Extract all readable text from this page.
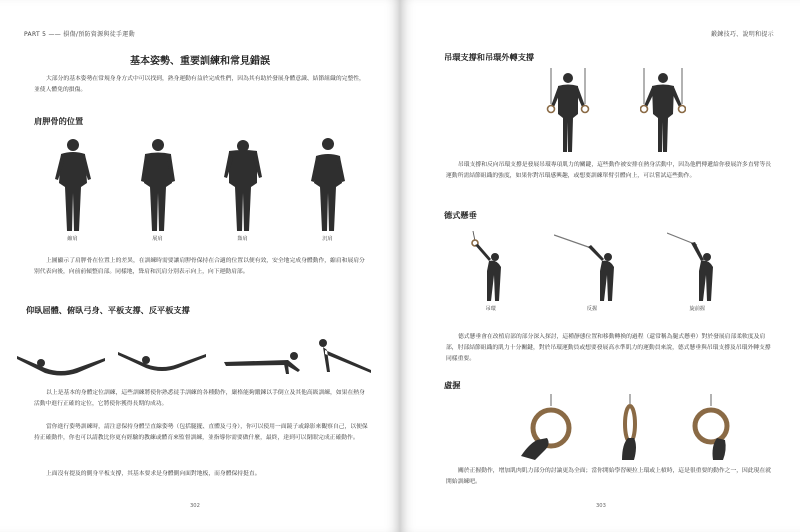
PART 5 —— 損傷/預防資源與徒手運動
基本姿勢、重要訓練和常見錯誤
大部分的基本姿勢在常規身身方式中可以找到，熟身運動有益於完成性們，因為其有助於發展身體意識、結節組織的完整性，並使人體免的損傷。
肩胛骨的位置
縮肩	展肩	聳肩	沉肩
上圖顯示了肩胛骨在位置上的差異，在訓練時需要讓肩胛骨保持在合適的位置以便有效，安全地完成身體動作，縮肩和展肩分別代表向後，向前前傾整肩部。同樣地，聳肩和沉肩分別表示向上，向下運動肩部。
仰臥屈體、俯臥弓身、平板支撐、反平板支撐
以上是基本的身體定位訓練，這些訓練將使你熟悉徒手訓練的各種動作，嚴格能夠鍛鍊以手倒立及其他高級訓練，如果在熱身活動中進行正確的定位，它將使你獲得長期的成功。
當你進行姿勢訓練時，請注意保持身體呈直線姿勢（包括腿擺、直體及弓身），你可以使用一面鏡子或錄影來觀察自己，以便保持正確動作，你也可以請教比你更有經驗的教練或體育來監督訓練，並指導你需要做什麼，最終，達到可以閉眼完成正確動作。
上面沒有提及的側身平板支撐，其基本要求是身體側向面對地板，而身體保持挺直。
302
鍛鍊技巧、說明和提示
吊環支撐和吊環外轉支撐
吊環支撐和反向吊環支撐是發展吊環專項肌力的關鍵，這些動作被安排在熱身活動中，因為他們傳遞給你發展許多直臂等長運動所需結節組織的強度，如果你對吊環感興趣，或想要訓練單臂引體向上，可以嘗試這些動作。
德式懸垂
吊環	反握	旋前握
德式懸垂會在改植肩部的部分深入探討，這種靜態位置和移動轉換的過程（還常稱為腿式懸垂）對於發展肩部柔軟度及肩部，肘部結節組織的肌力十分關鍵，對於吊環運動員或想要發展高水準肌力的運動員來說，德式懸垂與吊環支撐及吊環外轉支撐同樣重要。
虛握
關於正握動作，增加肌肉肌力部分的討論更為全面；當你開始學習硬拉上環或上槓時，這是很重要的動作之一，因此現在就開始訓練吧。
303
